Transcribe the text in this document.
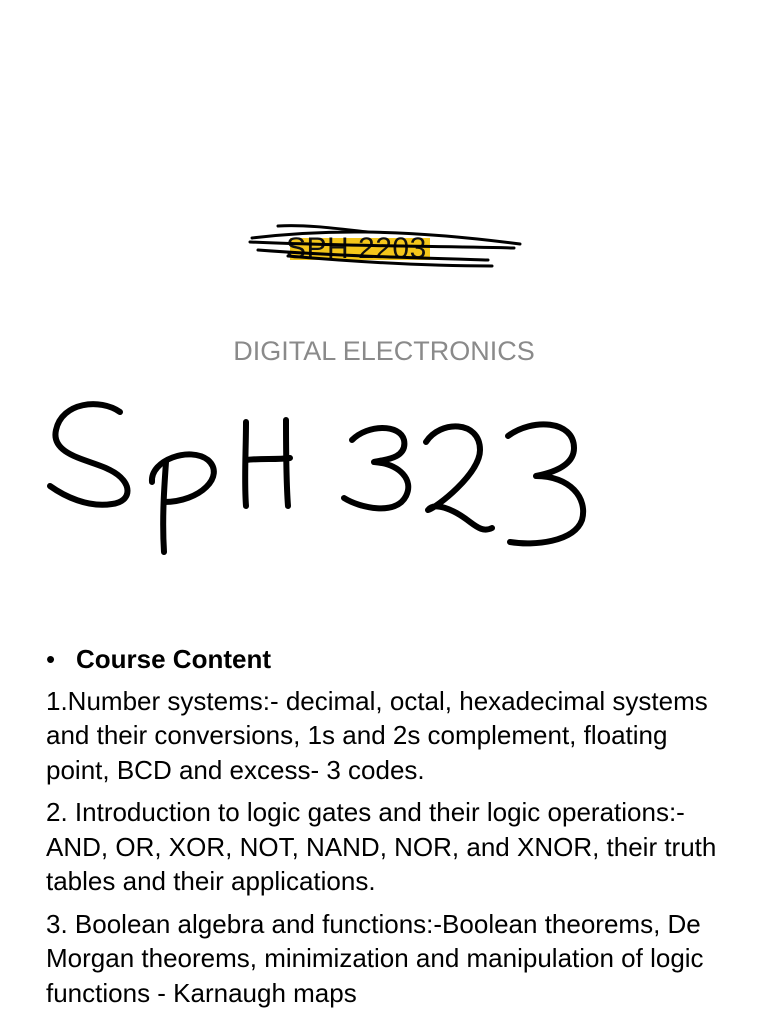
SPH 2203
DIGITAL ELECTRONICS
• Course Content
1.Number systems:- decimal, octal, hexadecimal systems and their conversions, 1s and 2s complement, floating point, BCD and excess- 3 codes.
2. Introduction to logic gates and their logic operations:- AND, OR, XOR, NOT, NAND, NOR, and XNOR, their truth tables and their applications.
3. Boolean algebra and functions:-Boolean theorems, De Morgan theorems, minimization and manipulation of logic functions - Karnaugh maps
